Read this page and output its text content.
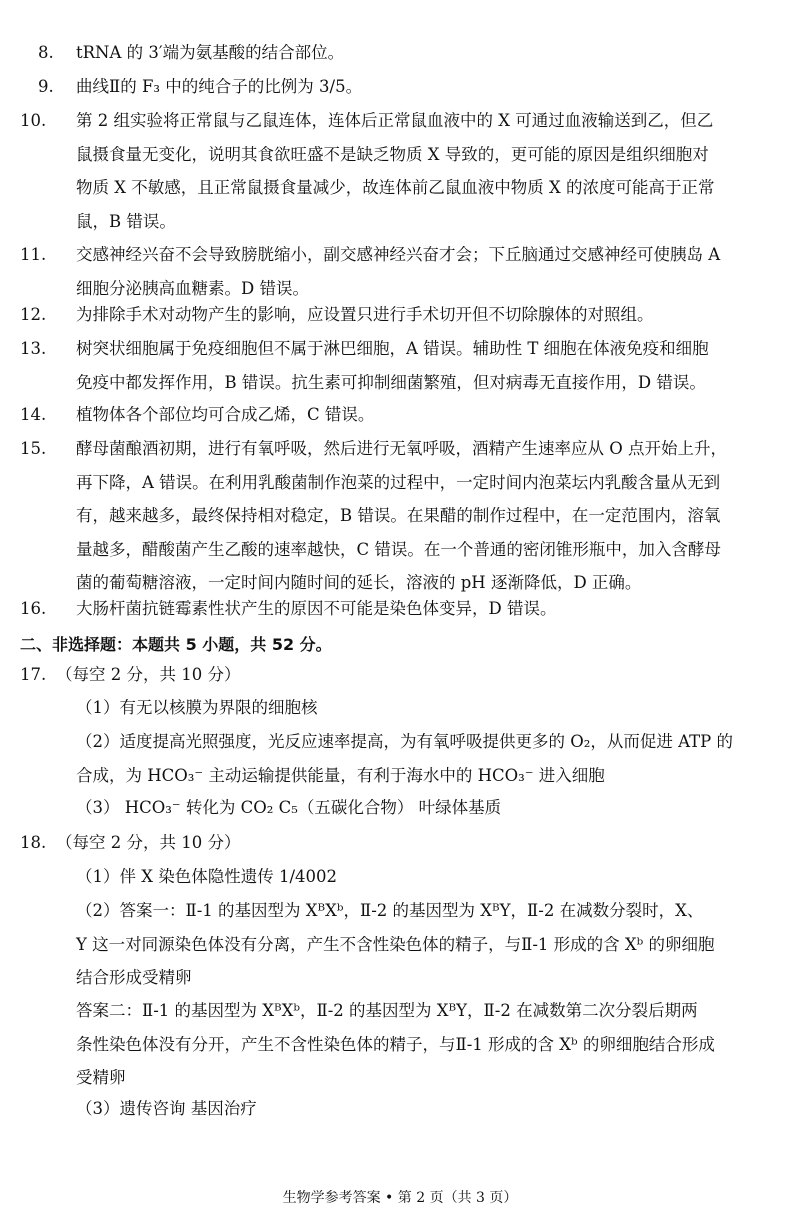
8. tRNA 的 3′端为氨基酸的结合部位。
9. 曲线Ⅱ的 F₃ 中的纯合子的比例为 3/5。
10. 第 2 组实验将正常鼠与乙鼠连体，连体后正常鼠血液中的 X 可通过血液输送到乙，但乙
鼠摄食量无变化，说明其食欲旺盛不是缺乏物质 X 导致的，更可能的原因是组织细胞对
物质 X 不敏感，且正常鼠摄食量减少，故连体前乙鼠血液中物质 X 的浓度可能高于正常
鼠，B 错误。
11. 交感神经兴奋不会导致膀胱缩小，副交感神经兴奋才会；下丘脑通过交感神经可使胰岛 A
细胞分泌胰高血糖素。D 错误。
12. 为排除手术对动物产生的影响，应设置只进行手术切开但不切除腺体的对照组。
13. 树突状细胞属于免疫细胞但不属于淋巴细胞，A 错误。辅助性 T 细胞在体液免疫和细胞
免疫中都发挥作用，B 错误。抗生素可抑制细菌繁殖，但对病毒无直接作用，D 错误。
14. 植物体各个部位均可合成乙烯，C 错误。
15. 酵母菌酿酒初期，进行有氧呼吸，然后进行无氧呼吸，酒精产生速率应从 O 点开始上升，
再下降，A 错误。在利用乳酸菌制作泡菜的过程中，一定时间内泡菜坛内乳酸含量从无到
有，越来越多，最终保持相对稳定，B 错误。在果醋的制作过程中，在一定范围内，溶氧
量越多，醋酸菌产生乙酸的速率越快，C 错误。在一个普通的密闭锥形瓶中，加入含酵母
菌的葡萄糖溶液，一定时间内随时间的延长，溶液的 pH 逐渐降低，D 正确。
16. 大肠杆菌抗链霉素性状产生的原因不可能是染色体变异，D 错误。
二、非选择题：本题共 5 小题，共 52 分。
17. （每空 2 分，共 10 分）
（1）有无以核膜为界限的细胞核
（2）适度提高光照强度，光反应速率提高，为有氧呼吸提供更多的 O₂，从而促进 ATP 的
合成，为 HCO₃⁻ 主动运输提供能量，有利于海水中的 HCO₃⁻ 进入细胞
（3） HCO₃⁻ 转化为 CO₂ C₅（五碳化合物） 叶绿体基质
18. （每空 2 分，共 10 分）
（1）伴 X 染色体隐性遗传 1/4002
（2）答案一：Ⅱ-1 的基因型为 XᴮXᵇ，Ⅱ-2 的基因型为 XᴮY，Ⅱ-2 在减数分裂时，X、
Y 这一对同源染色体没有分离，产生不含性染色体的精子，与Ⅱ-1 形成的含 Xᵇ 的卵细胞
结合形成受精卵
答案二：Ⅱ-1 的基因型为 XᴮXᵇ，Ⅱ-2 的基因型为 XᴮY，Ⅱ-2 在减数第二次分裂后期两
条性染色体没有分开，产生不含性染色体的精子，与Ⅱ-1 形成的含 Xᵇ 的卵细胞结合形成
受精卵
（3）遗传咨询 基因治疗
生物学参考答案 • 第 2 页（共 3 页）
